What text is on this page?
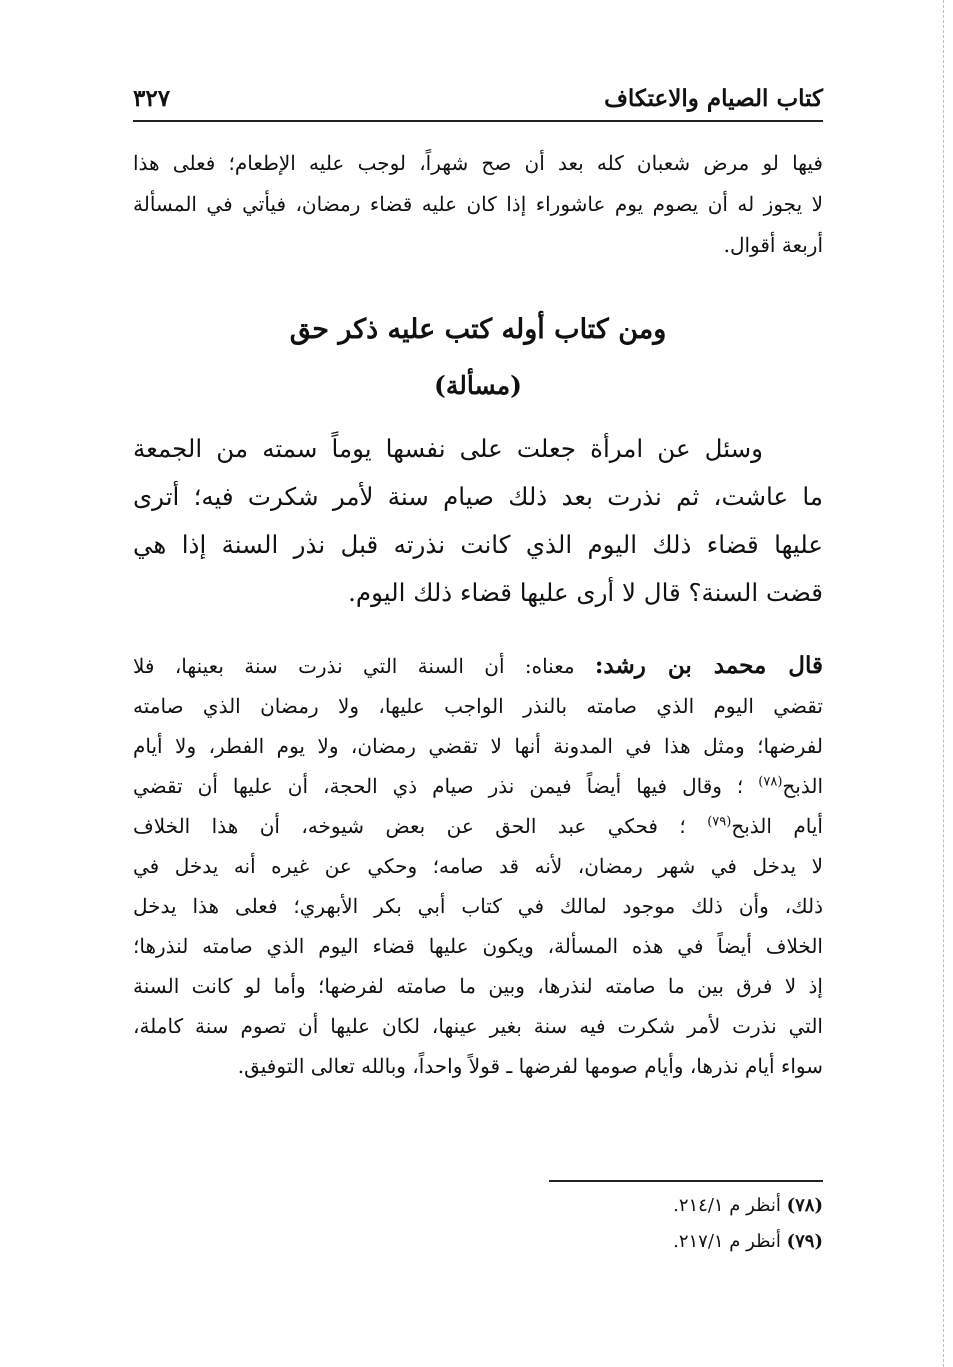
كتاب الصيام والاعتكاف
٣٢٧
فيها لو مرض شعبان كله بعد أن صح شهراً، لوجب عليه الإطعام؛ فعلى هذا
لا يجوز له أن يصوم يوم عاشوراء إذا كان عليه قضاء رمضان، فيأتي في المسألة
أربعة أقوال.
ومن كتاب أوله كتب عليه ذكر حق
(مسألة)
وسئل عن امرأة جعلت على نفسها يوماً سمته من الجمعة
ما عاشت، ثم نذرت بعد ذلك صيام سنة لأمر شكرت فيه؛ أترى
عليها قضاء ذلك اليوم الذي كانت نذرته قبل نذر السنة إذا هي
قضت السنة؟ قال لا أرى عليها قضاء ذلك اليوم.
قال محمد بن رشد: معناه: أن السنة التي نذرت سنة بعينها، فلا
تقضي اليوم الذي صامته بالنذر الواجب عليها، ولا رمضان الذي صامته
لفرضها؛ ومثل هذا في المدونة أنها لا تقضي رمضان، ولا يوم الفطر، ولا أيام
الذبح$^{(٧٨)}$ ؛ وقال فيها أيضاً فيمن نذر صيام ذي الحجة، أن عليها أن تقضي
أيام الذبح$^{(٧٩)}$ ؛ فحكي عبد الحق عن بعض شيوخه، أن هذا الخلاف
لا يدخل في شهر رمضان، لأنه قد صامه؛ وحكي عن غيره أنه يدخل في
ذلك، وأن ذلك موجود لمالك في كتاب أبي بكر الأبهري؛ فعلى هذا يدخل
الخلاف أيضاً في هذه المسألة، ويكون عليها قضاء اليوم الذي صامته لنذرها؛
إذ لا فرق بين ما صامته لنذرها، وبين ما صامته لفرضها؛ وأما لو كانت السنة
التي نذرت لأمر شكرت فيه سنة بغير عينها، لكان عليها أن تصوم سنة كاملة،
سواء أيام نذرها، وأيام صومها لفرضها ـ قولاً واحداً، وبالله تعالى التوفيق.
(٧٨) أنظر م ٢١٤/١.
(٧٩) أنظر م ٢١٧/١.
